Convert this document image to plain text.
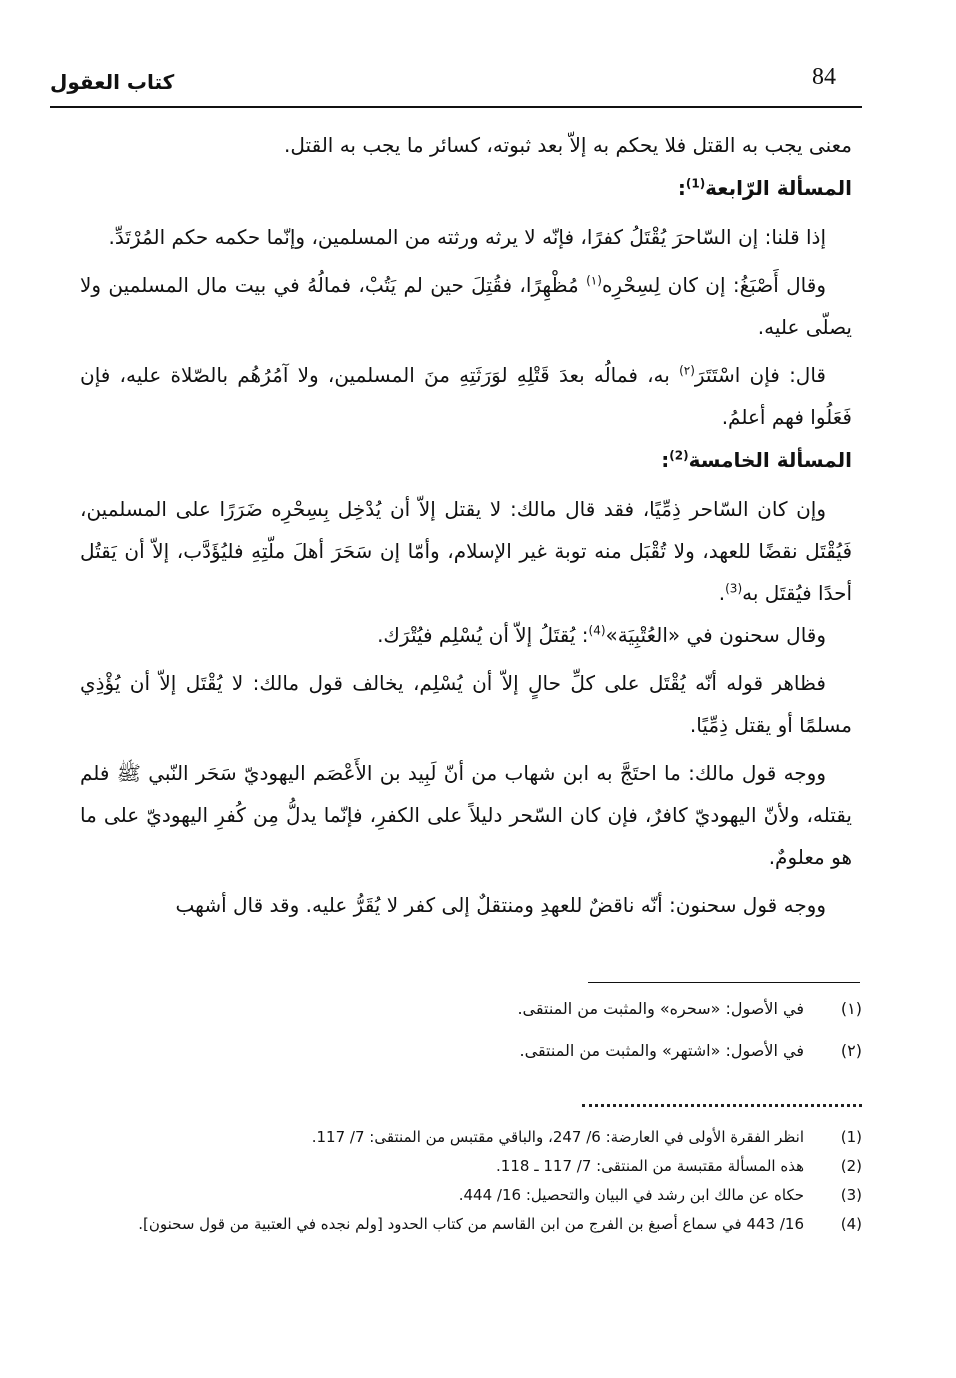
84
كتاب العقول

معنى يجب به القتل فلا يحكم به إلاّ بعد ثبوته، كسائر ما يجب به القتل.

المسألة الرّابعة$^{(1)}$:

إذا قلنا: إن السّاحرَ يُقْتَلُ كفرًا، فإنّه لا يرثه ورثته من المسلمين، وإنّما حكمه حكم المُرْتَدِّ.

وقال أَصْبَغُ: إن كان لِسِحْرِه$^{(١)}$ مُظْهِرًا، فقُتِلَ حين لم يَتُبْ، فمالُهُ في بيت مال المسلمين ولا يصلّى عليه.

قال: فإن اسْتَتَرَ$^{(٢)}$ به، فمالُه بعدَ قَتْلِهِ لوَرَثَتِهِ منَ المسلمين، ولا آمُرُهُم بالصّلاة عليه، فإن فَعَلُوا فهم أعلمُ.

المسألة الخامسة$^{(2)}$:

وإن كان السّاحر ذِمِّيًا، فقد قال مالك: لا يقتل إلاّ أن يُدْخِل بِسِحْرِه ضَرَرًا على المسلمين، فَيُقْتَل نقضًا للعهد، ولا تُقْبَل منه توبة غير الإسلام، وأمّا إن سَحَرَ أهلَ ملّتِهِ فليُؤَدَّب، إلاّ أن يَقتُل أحدًا فيُقتَل به$^{(3)}$.

وقال سحنون في «العُتْبِيَة»$^{(4)}$: يُقتَلُ إلاّ أن يُسْلِم فيُتْرَك.

فظاهر قوله أنّه يُقْتَل على كلِّ حالٍ إلاّ أن يُسْلِم، يخالف قول مالك: لا يُقْتَل إلاّ أن يُؤْذِي مسلمًا أو يقتل ذِمِّيًا.

ووجه قول مالك: ما احتَجَّ به ابن شهاب من أنّ لَبِيد بن الأَعْصَم اليهوديّ سَحَر النّبي ﷺ فلم يقتله، ولأنّ اليهوديّ كافرٌ، فإن كان السّحر دليلاً على الكفرِ، فإنّما يدلُّ مِن كُفرِ اليهوديّ على ما هو معلومٌ.

ووجه قول سحنون: أنّه ناقضٌ للعهدِ ومنتقلٌ إلى كفر لا يُقَرُّ عليه. وقد قال أشهب

(١)
في الأصول: «سحره» والمثبت من المنتقى.
(٢)
في الأصول: «اشتهر» والمثبت من المنتقى.
(1)
انظر الفقرة الأولى في العارضة: 6/ 247، والباقي مقتبس من المنتقى: 7/ 117.
(2)
هذه المسألة مقتبسة من المنتقى: 7/ 117 ـ 118.
(3)
حكاه عن مالك ابن رشد في البيان والتحصيل: 16/ 444.
(4)
16/ 443 في سماع أصبغ بن الفرج من ابن القاسم من كتاب الحدود [ولم نجده في العتبية من قول سحنون].
